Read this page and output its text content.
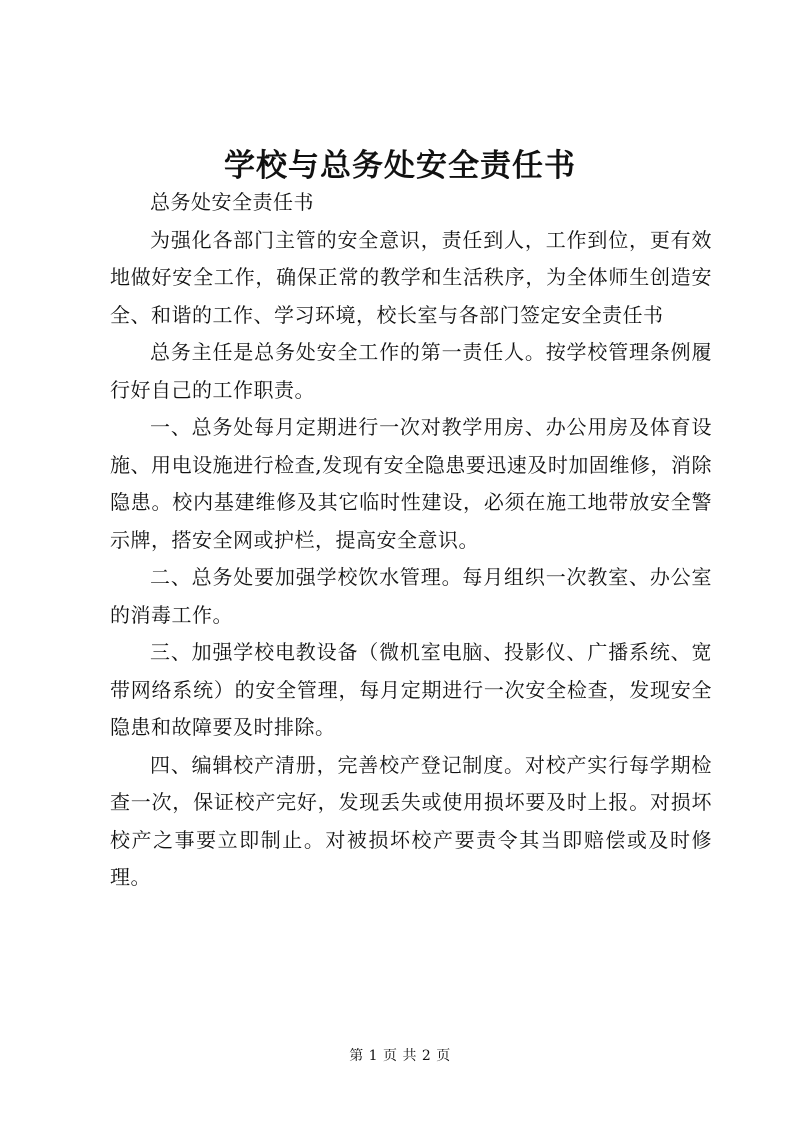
学校与总务处安全责任书

总务处安全责任书

为强化各部门主管的安全意识，责任到人，工作到位，更有效地做好安全工作，确保正常的教学和生活秩序，为全体师生创造安全、和谐的工作、学习环境，校长室与各部门签定安全责任书

总务主任是总务处安全工作的第一责任人。按学校管理条例履行好自己的工作职责。

一、总务处每月定期进行一次对教学用房、办公用房及体育设施、用电设施进行检查,发现有安全隐患要迅速及时加固维修，消除隐患。校内基建维修及其它临时性建设，必须在施工地带放安全警示牌，搭安全网或护栏，提高安全意识。

二、总务处要加强学校饮水管理。每月组织一次教室、办公室的消毒工作。

三、加强学校电教设备（微机室电脑、投影仪、广播系统、宽带网络系统）的安全管理，每月定期进行一次安全检查，发现安全隐患和故障要及时排除。

四、编辑校产清册，完善校产登记制度。对校产实行每学期检查一次，保证校产完好，发现丢失或使用损坏要及时上报。对损坏校产之事要立即制止。对被损坏校产要责令其当即赔偿或及时修理。

第 1 页 共 2 页
